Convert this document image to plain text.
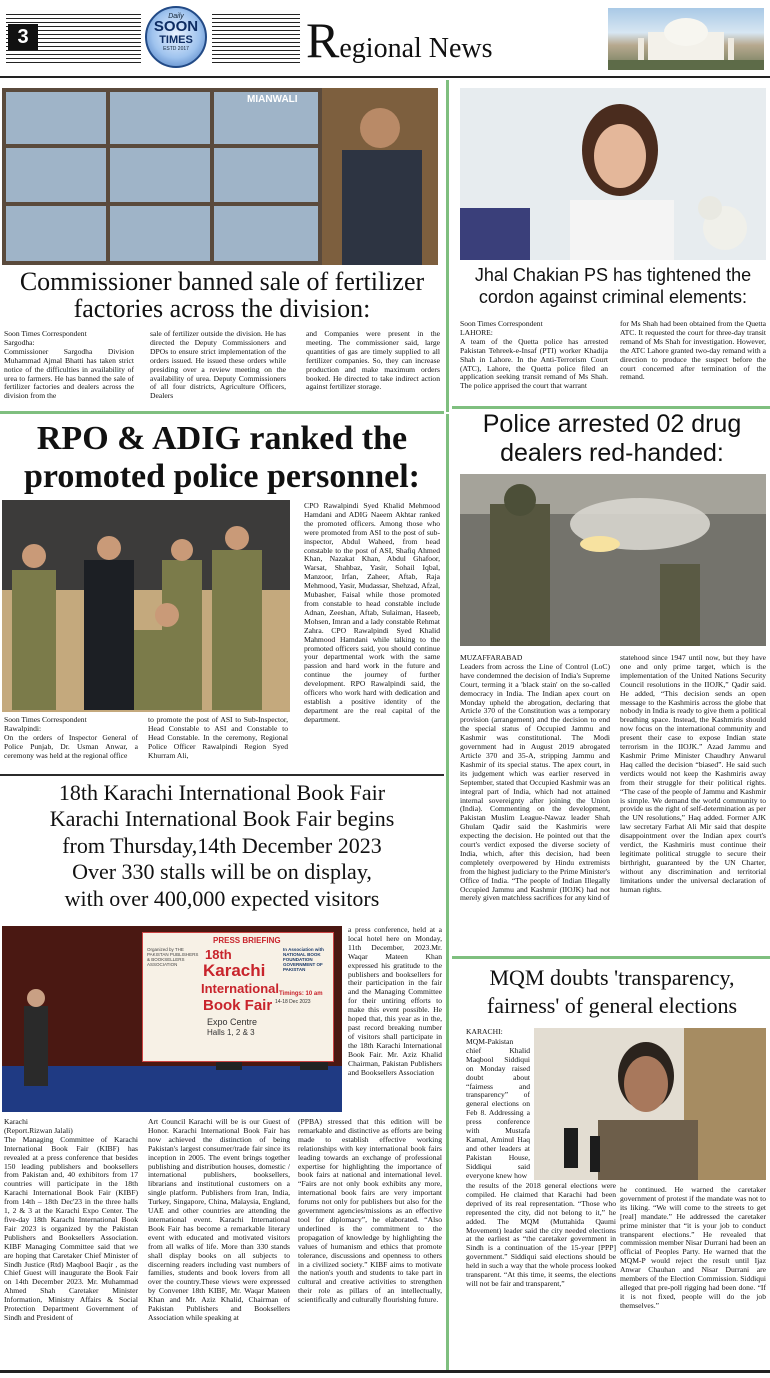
3
Daily
SOON
TIMES
ESTD 2017	Regional News
MIANWALI
Commissioner banned sale of fertilizer factories across the division:

Soon Times Correspondent

Sargodha:

Commissioner Sargodha Division Muhammad Ajmal Bhatti has taken strict notice of the difficulties in availability of urea to farmers. He has banned the sale of fertilizer factories and dealers across the division from the

sale of fertilizer outside the division. He has directed the Deputy Commissioners and DPOs to ensure strict implementation of the orders issued. He issued these orders while presiding over a review meeting on the availability of urea. Deputy Commissioners of all four districts, Agriculture Officers, Dealers
and Companies were present in the meeting. The commissioner said, large quantities of gas are timely supplied to all fertilizer companies. So, they can increase production and make maximum orders booked. He directed to take indirect action against fertilizer storage.
Jhal Chakian PS has tightened the cordon against criminal elements:

Soon Times Correspondent

LAHORE:

A team of the Quetta police has arrested Pakistan Tehreek-e-Insaf (PTI) worker Khadija Shah in Lahore. In the Anti-Terrorism Court (ATC), Lahore, the Quetta police filed an application seeking transit remand of Ms Shah. The police apprised the court that warrant

for Ms Shah had been obtained from the Quetta ATC. It requested the court for three-day transit remand of Ms Shah for investigation. However, the ATC Lahore granted two-day remand with a direction to produce the suspect before the court concerned after termination of the remand.
RPO & ADIG ranked the promoted police personnel:

Soon Times Correspondent

Rawalpindi:

On the orders of Inspector General of Police Punjab, Dr. Usman Anwar, a ceremony was held at the regional office

to promote the post of ASI to Sub-Inspector, Head Constable to ASI and Constable to Head Constable. In the ceremony, Regional Police Officer Rawalpindi Region Syed Khurram Ali,
CPO Rawalpindi Syed Khalid Mehmood Hamdani and ADIG Naeem Akhtar ranked the promoted officers. Among those who were promoted from ASI to the post of sub-inspector, Abdul Waheed, from head constable to the post of ASI, Shafiq Ahmed Khan, Nazakat Khan, Abdul Ghafoor, Warsat, Shahbaz, Yasir, Sohail Iqbal, Manzoor, Irfan, Zaheer, Aftab, Raja Mehmood, Yasir, Mudassar, Shehzad, Afzal, Mubasher, Faisal while those promoted from constable to head constable include Adnan, Zeeshan, Aftab, Sulaiman, Haseeb, Mohsen, Imran and a lady constable Rehmat Zahra. CPO Rawalpindi Syed Khalid Mahmood Hamdani while talking to the promoted officers said, you should continue your departmental work with the same passion and hard work in the future and continue the journey of further development. RPO Rawalpindi said, the officers who work hard with dedication and establish a positive identity of the department are the real capital of the department.
Police arrested 02 drug dealers red-handed:

MUZAFFARABAD

Leaders from across the Line of Control (LoC) have condemned the decision of India's Supreme Court, terming it a 'black stain' on the so-called democracy in India. The Indian apex court on Monday upheld the abrogation, declaring that Article 370 of the Constitution was a temporary provision (arrangement) and the decision to end the special status of Occupied Jammu and Kashmir was constitutional. The Modi government had in August 2019 abrogated Article 370 and 35-A, stripping Jammu and Kashmir of its special status. The apex court, in its judgement which was earlier reserved in September, stated that Occupied Kashmir was an integral part of India, which had not attained internal sovereignty after joining the Union (India). Commenting on the development, Pakistan Muslim League-Nawaz leader Shah Ghulam Qadir said the Kashmiris were expecting the decision. He pointed out that the court's verdict exposed the diverse society of India, which, after this decision, had been completely overpowered by Hindu extremists from the highest judiciary to the Prime Minister's Office of India. “The people of Indian Illegally Occupied Jammu and Kashmir (IIOJK) had not merely given matchless sacrifices for any kind of

statehood since 1947 until now, but they have one and only prime target, which is the implementation of the United Nations Security Council resolutions in the IIOJK,” Qadir said. He added, “This decision sends an open message to the Kashmiris across the globe that nobody in India is ready to give them a political breathing space. Instead, the Kashmiris should now focus on the international community and present their case to expose Indian state terrorism in the IIOJK.” Azad Jammu and Kashmir Prime Minister Chaudhry Anwarul Haq called the decision “biased”. He said such verdicts would not keep the Kashmiris away from their struggle for their political rights. “The case of the people of Jammu and Kashmir is simple. We demand the world community to provide us the right of self-determination as per the UN resolutions,” Haq added. Former AJK law secretary Farhat Ali Mir said that despite disappointment over the Indian apex court's verdict, the Kashmiris must continue their legitimate political struggle to secure their birthright, guaranteed by the UN Charter, without any discrimination and territorial limitations under the universal declaration of human rights.
18th Karachi International Book Fair
Karachi International Book Fair begins
from Thursday,14th December 2023
Over 330 stalls will be on display,
with over 400,000 expected visitors
PRESS BRIEFING
Organized by THE PAKISTAN PUBLISHERS & BOOKSELLERS ASSOCIATION
In Association with NATIONAL BOOK FOUNDATION GOVERNMENT OF PAKISTAN
18th
Karachi
International
Book Fair 14-18 Dec 2023
Expo Centre
Halls 1, 2 & 3
Timings: 10 am
a press conference, held at a local hotel here on Monday, 11th December, 2023.Mr. Waqar Mateen Khan expressed his gratitude to the publishers and booksellers for their participation in the fair and the Managing Committee for their untiring efforts to make this event possible. He hoped that, this year as in the, past record breaking number of visitors shall participate in the 18th Karachi International Book Fair. Mr. Aziz Khalid Chairman, Pakistan Publishers and Booksellers Association

Karachi

(Report.Rizwan Jalali)

The Managing Committee of Karachi International Book Fair (KIBF) has revealed at a press conference that besides 150 leading publishers and booksellers from Pakistan and, 40 exhibitors from 17 countries will participate in the 18th Karachi International Book Fair (KIBF) from 14th – 18th Dec'23 in the three halls 1, 2 & 3 at the Karachi Expo Center. The five-day 18th Karachi International Book Fair 2023 is organized by the Pakistan Publishers and Booksellers Association. KIBF Managing Committee said that we are hoping that Caretaker Chief Minister of Sindh Justice (Rtd) Maqbool Baqir , as the Chief Guest will inaugurate the Book Fair on 14th December 2023. Mr. Muhammad Ahmed Shah Caretaker Minister Information, Ministry Affairs & Social Protection Department Government of Sindh and President of

Art Council Karachi will be is our Guest of Honor. Karachi International Book Fair has now achieved the distinction of being Pakistan's largest consumer/trade fair since its inception in 2005. The event brings together publishing and distribution houses, domestic / international publishers, booksellers, librarians and institutional customers on a single platform. Publishers from Iran, India, Turkey, Singapore, China, Malaysia, England, UAE and other countries are attending the international event. Karachi International Book Fair has become a remarkable literary event with educated and motivated visitors from all walks of life. More than 330 stands shall display books on all subjects to discerning readers including vast numbers of families, students and book lovers from all over the country.These views were expressed by Convener 18th KIBF, Mr. Waqar Mateen Khan and Mr. Aziz Khalid, Chairman of Pakistan Publishers and Booksellers Association while speaking at
(PPBA) stressed that this edition will be remarkable and distinctive as efforts are being made to establish effective working relationships with key international book fairs leading towards an exchange of professional expertise for highlighting the importance of book fairs at national and international level. “Fairs are not only book exhibits any more, international book fairs are very important forums not only for publishers but also for the government agencies/missions as an effective tool for diplomacy”, he elaborated. “Also underlined is the commitment to the propagation of knowledge by highlighting the values of humanism and ethics that promote tolerance, discussions and openness to others in a civilized society.” KIBF aims to motivate the nation's youth and students to take part in cultural and creative activities to strengthen their role as pillars of an intellectually, scientifically and culturally flourishing future.
MQM doubts 'transparency, fairness' of general elections

KARACHI:

MQM-Pakistan chief Khalid Maqbool Siddiqui on Monday raised doubt about “fairness and transparency” of general elections on Feb 8. Addressing a press conference with Mustafa Kamal, Aminul Haq and other leaders at Pakistan House, Siddiqui said everyone knew how
the results of the 2018 general elections were compiled. He claimed that Karachi had been deprived of its real representation. “Those who represented the city, did not belong to it,” he added. The MQM (Muttahida Qaumi Movement) leader said the city needed elections at the earliest as “the caretaker government in Sindh is a continuation of the 15-year [PPP] government.” Siddiqui said elections should be held in such a way that the whole process looked transparent. “At this time, it seems, the elections will not be fair and transparent,”
he continued. He warned the caretaker government of protest if the mandate was not to its liking. “We will come to the streets to get [real] mandate.” He addressed the caretaker prime minister that “it is your job to conduct transparent elections.” He revealed that commission member Nisar Durrani had been an official of Peoples Party. He warned that the MQM-P would reject the result until Ijaz Anwar Chauhan and Nisar Durrani are members of the Election Commission. Siddiqui alleged that pre-poll rigging had been done. “If it is not fixed, people will do the job themselves.”
